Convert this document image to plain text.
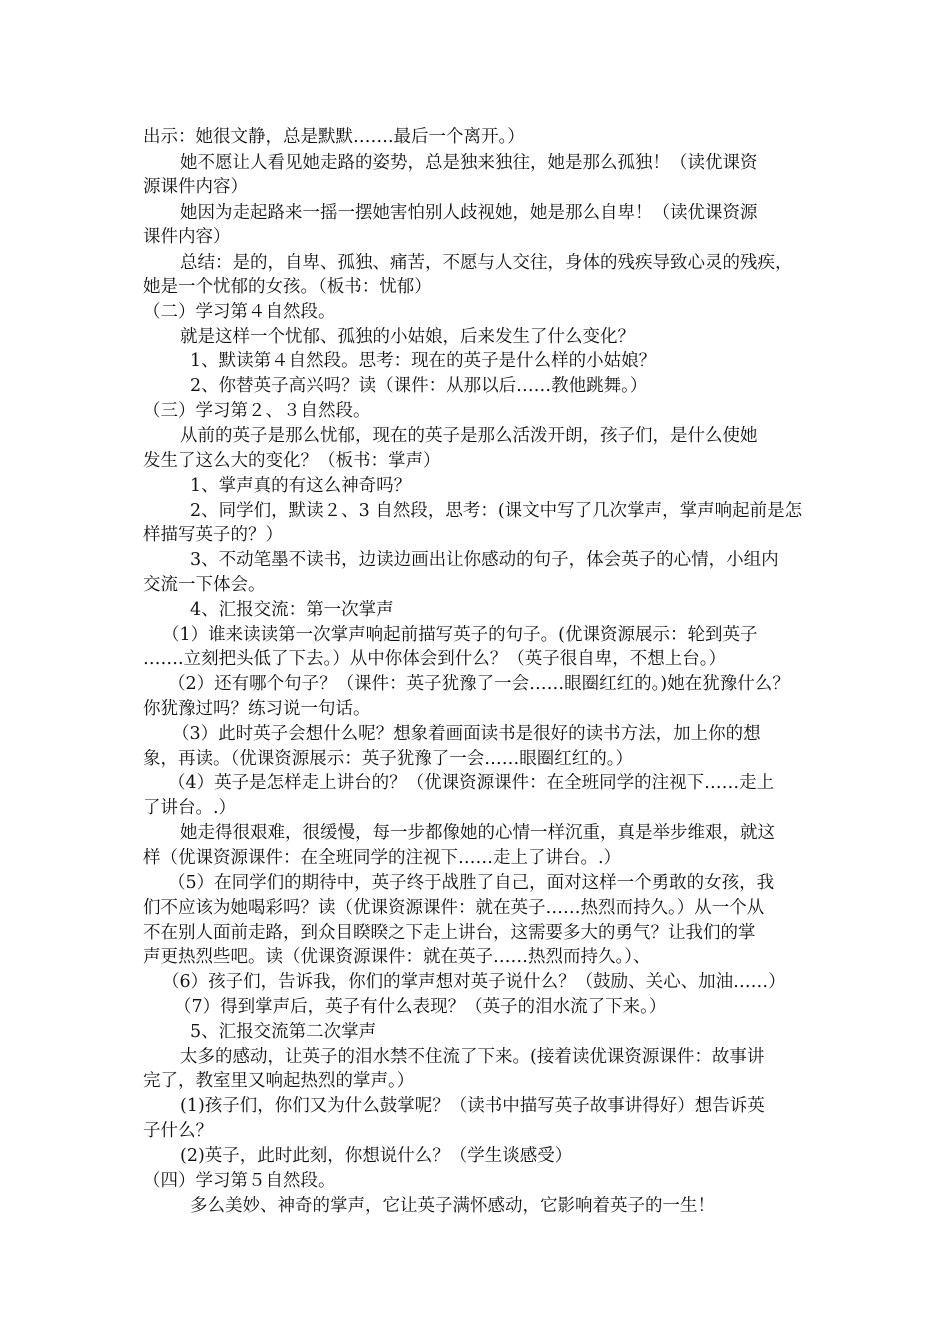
出示：她很文静，总是默默…….最后一个离开。）
她不愿让人看见她走路的姿势，总是独来独往，她是那么孤独！（读优课资
源课件内容）
她因为走起路来一摇一摆她害怕别人歧视她，她是那么自卑！（读优课资源
课件内容）
总结：是的，自卑、孤独、痛苦，不愿与人交往，身体的残疾导致心灵的残疾，
她是一个忧郁的女孩。（板书：忧郁）
（二）学习第４自然段。
就是这样一个忧郁、孤独的小姑娘，后来发生了什么变化？
1、默读第４自然段。思考：现在的英子是什么样的小姑娘？
2、你替英子高兴吗？读（课件：从那以后……教他跳舞。）
（三）学习第２、３自然段。
从前的英子是那么忧郁，现在的英子是那么活泼开朗，孩子们，是什么使她
发生了这么大的变化？（板书：掌声）
1、掌声真的有这么神奇吗？
2、同学们，默读２、3 自然段，思考：(课文中写了几次掌声，掌声响起前是怎
样描写英子的？）
3、不动笔墨不读书，边读边画出让你感动的句子，体会英子的心情，小组内
交流一下体会。
4、汇报交流：第一次掌声
（1）谁来读读第一次掌声响起前描写英子的句子。(优课资源展示：轮到英子
…….立刻把头低了下去。）从中你体会到什么？（英子很自卑，不想上台。）
（2）还有哪个句子？（课件：英子犹豫了一会……眼圈红红的。)她在犹豫什么？
你犹豫过吗？练习说一句话。
（3）此时英子会想什么呢？想象着画面读书是很好的读书方法，加上你的想
象，再读。（优课资源展示：英子犹豫了一会……眼圈红红的。）
（4）英子是怎样走上讲台的？（优课资源课件：在全班同学的注视下……走上
了讲台。.）
她走得很艰难，很缓慢，每一步都像她的心情一样沉重，真是举步维艰，就这
样（优课资源课件：在全班同学的注视下……走上了讲台。.）
（5）在同学们的期待中，英子终于战胜了自己，面对这样一个勇敢的女孩，我
们不应该为她喝彩吗？读（优课资源课件：就在英子……热烈而持久。）从一个从
不在别人面前走路，到众目睽睽之下走上讲台，这需要多大的勇气？让我们的掌
声更热烈些吧。读（优课资源课件：就在英子……热烈而持久。）、
（6）孩子们，告诉我，你们的掌声想对英子说什么？（鼓励、关心、加油……）
（7）得到掌声后，英子有什么表现？（英子的泪水流了下来。）
5、汇报交流第二次掌声
太多的感动，让英子的泪水禁不住流了下来。(接着读优课资源课件：故事讲
完了，教室里又响起热烈的掌声。）
(1)孩子们，你们又为什么鼓掌呢？（读书中描写英子故事讲得好）想告诉英
子什么？
(2)英子，此时此刻，你想说什么？（学生谈感受）
（四）学习第５自然段。
多么美妙、神奇的掌声，它让英子满怀感动，它影响着英子的一生！
